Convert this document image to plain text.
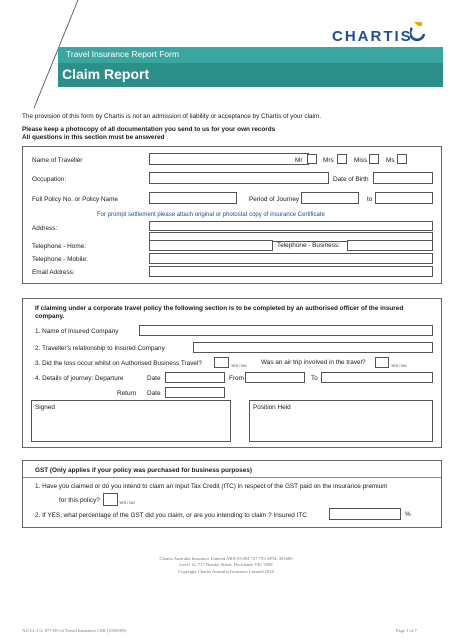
CHARTIS
Travel Insurance Report Form
Claim Report
The provision of this form by Chartis is not an admission of liability or acceptance by Chartis of your claim.
Please keep a photocopy of all documentation you send to us for your own records
All questions in this section must be answered
Name of Traveller	Mr	Mrs	Miss	Ms
Occupation:	Date of Birth
Full Policy No. or Policy Name	Period of Journey	to
For prompt settlement please attach original or photostat copy of insurance Certificate
Address:
Telephone - Home:	Telephone - Business:
Telephone - Mobile:
Email Address:
If claiming under a corporate travel policy the following section is to be completed by an authorised officer of the insured company.
1. Name of Insured Company
2. Traveller's relationship to Insured Company
3. Did the loss occur whilst on Authorised Business Travel?	YES / NO Was an air trip involved in the travel?	YES / NO
4. Details of journey: Departure	Date	From	To
Return Date
Signed	Position Held
GST (Only applies if your policy was purchased for business purposes)
1. Have you claimed or do you intend to claim an Input Tax Credit (ITC) in respect of the GST paid on the insurance premium
for this policy?	YES / NO
2. If YES, what percentage of the GST did you claim, or are you intending to claim ? Insured ITC	%
Chartis Australia Insurance Limited ABN 93 004 727 753 AFSL 381686
Level 12, 717 Bourke Street, Docklands VIC 3008
Copyright Chartis Australia Insurance Limited 2010
AU-LL-CL-077-09-v4 Travel Insurance CMI (10/09/09)	Page 1 of 7
